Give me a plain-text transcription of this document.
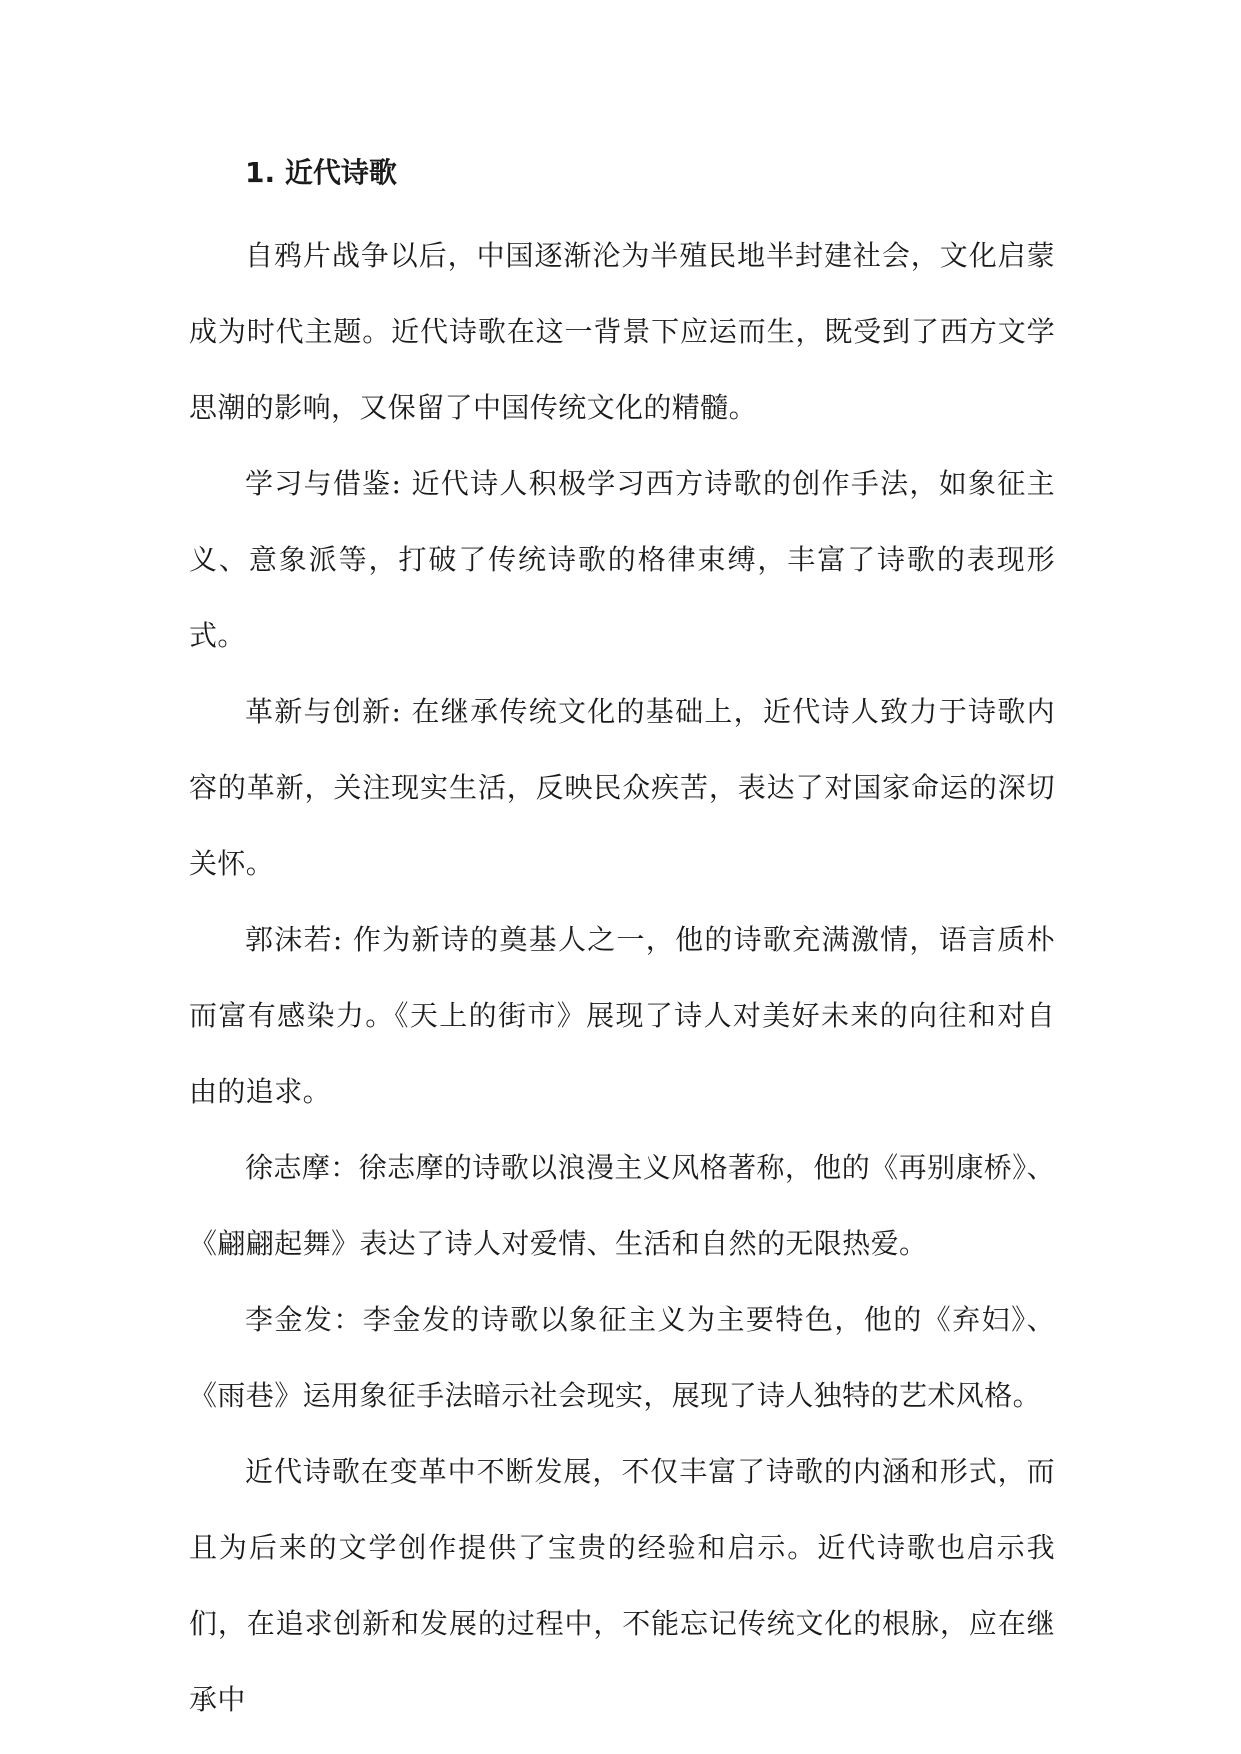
1. 近代诗歌

自鸦片战争以后，中国逐渐沦为半殖民地半封建社会，文化启蒙成为时代主题。近代诗歌在这一背景下应运而生，既受到了西方文学思潮的影响，又保留了中国传统文化的精髓。

学习与借鉴: 近代诗人积极学习西方诗歌的创作手法，如象征主义、意象派等，打破了传统诗歌的格律束缚，丰富了诗歌的表现形式。

革新与创新: 在继承传统文化的基础上，近代诗人致力于诗歌内容的革新，关注现实生活，反映民众疾苦，表达了对国家命运的深切关怀。

郭沫若: 作为新诗的奠基人之一，他的诗歌充满激情，语言质朴而富有感染力。《天上的街市》展现了诗人对美好未来的向往和对自由的追求。

徐志摩：徐志摩的诗歌以浪漫主义风格著称，他的《再别康桥》、《翩翩起舞》表达了诗人对爱情、生活和自然的无限热爱。

李金发：李金发的诗歌以象征主义为主要特色，他的《弃妇》、《雨巷》运用象征手法暗示社会现实，展现了诗人独特的艺术风格。

近代诗歌在变革中不断发展，不仅丰富了诗歌的内涵和形式，而且为后来的文学创作提供了宝贵的经验和启示。近代诗歌也启示我们，在追求创新和发展的过程中，不能忘记传统文化的根脉，应在继承中
